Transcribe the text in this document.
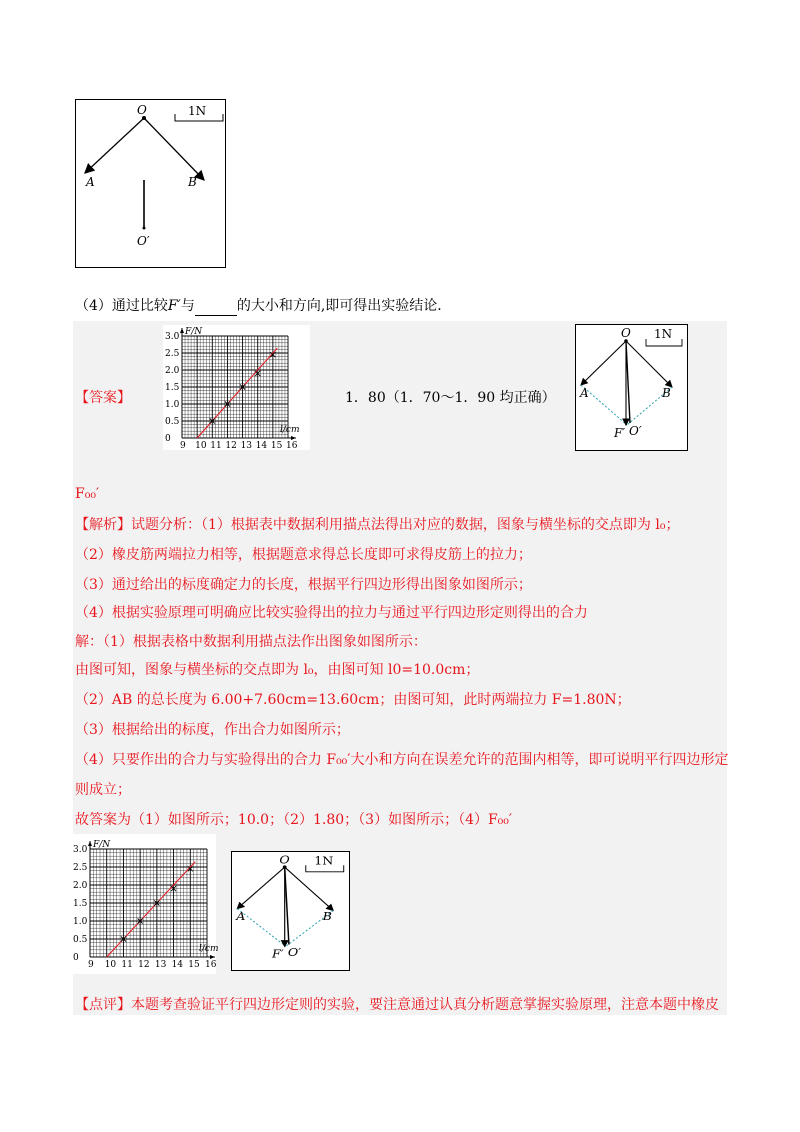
O
A	B
O′
1N
（4）通过比较F′与	的大小和方向,即可得出实验结论.
【答案】
9 10 11 12 13 14 15 16
0
0.5
1.0
1.5
2.0
2.5
3.0
l/cm
F/N
1．80（1．70～1．90 均正确）
O
A	B
F′ O′
1N
F₀₀′
【解析】试题分析：（1）根据表中数据利用描点法得出对应的数据，图象与横坐标的交点即为 l₀；
（2）橡皮筋两端拉力相等，根据题意求得总长度即可求得皮筋上的拉力；
（3）通过给出的标度确定力的长度，根据平行四边形得出图象如图所示；
（4）根据实验原理可明确应比较实验得出的拉力与通过平行四边形定则得出的合力
解：（1）根据表格中数据利用描点法作出图象如图所示：
由图可知，图象与横坐标的交点即为 l₀，由图可知 l0=10.0cm；
（2）AB 的总长度为 6.00+7.60cm=13.60cm；由图可知，此时两端拉力 F=1.80N；
（3）根据给出的标度，作出合力如图所示；
（4）只要作出的合力与实验得出的合力 F₀₀′大小和方向在误差允许的范围内相等，即可说明平行四边形定
则成立；
故答案为（1）如图所示；10.0；（2）1.80；（3）如图所示；（4）F₀₀′
9 10 11 12 13 14 15 16
0
0.5
1.0
1.5
2.0
2.5
3.0
l/cm
F/N
O
A	B
F′ O′
1N
【点评】本题考查验证平行四边形定则的实验，要注意通过认真分析题意掌握实验原理，注意本题中橡皮
